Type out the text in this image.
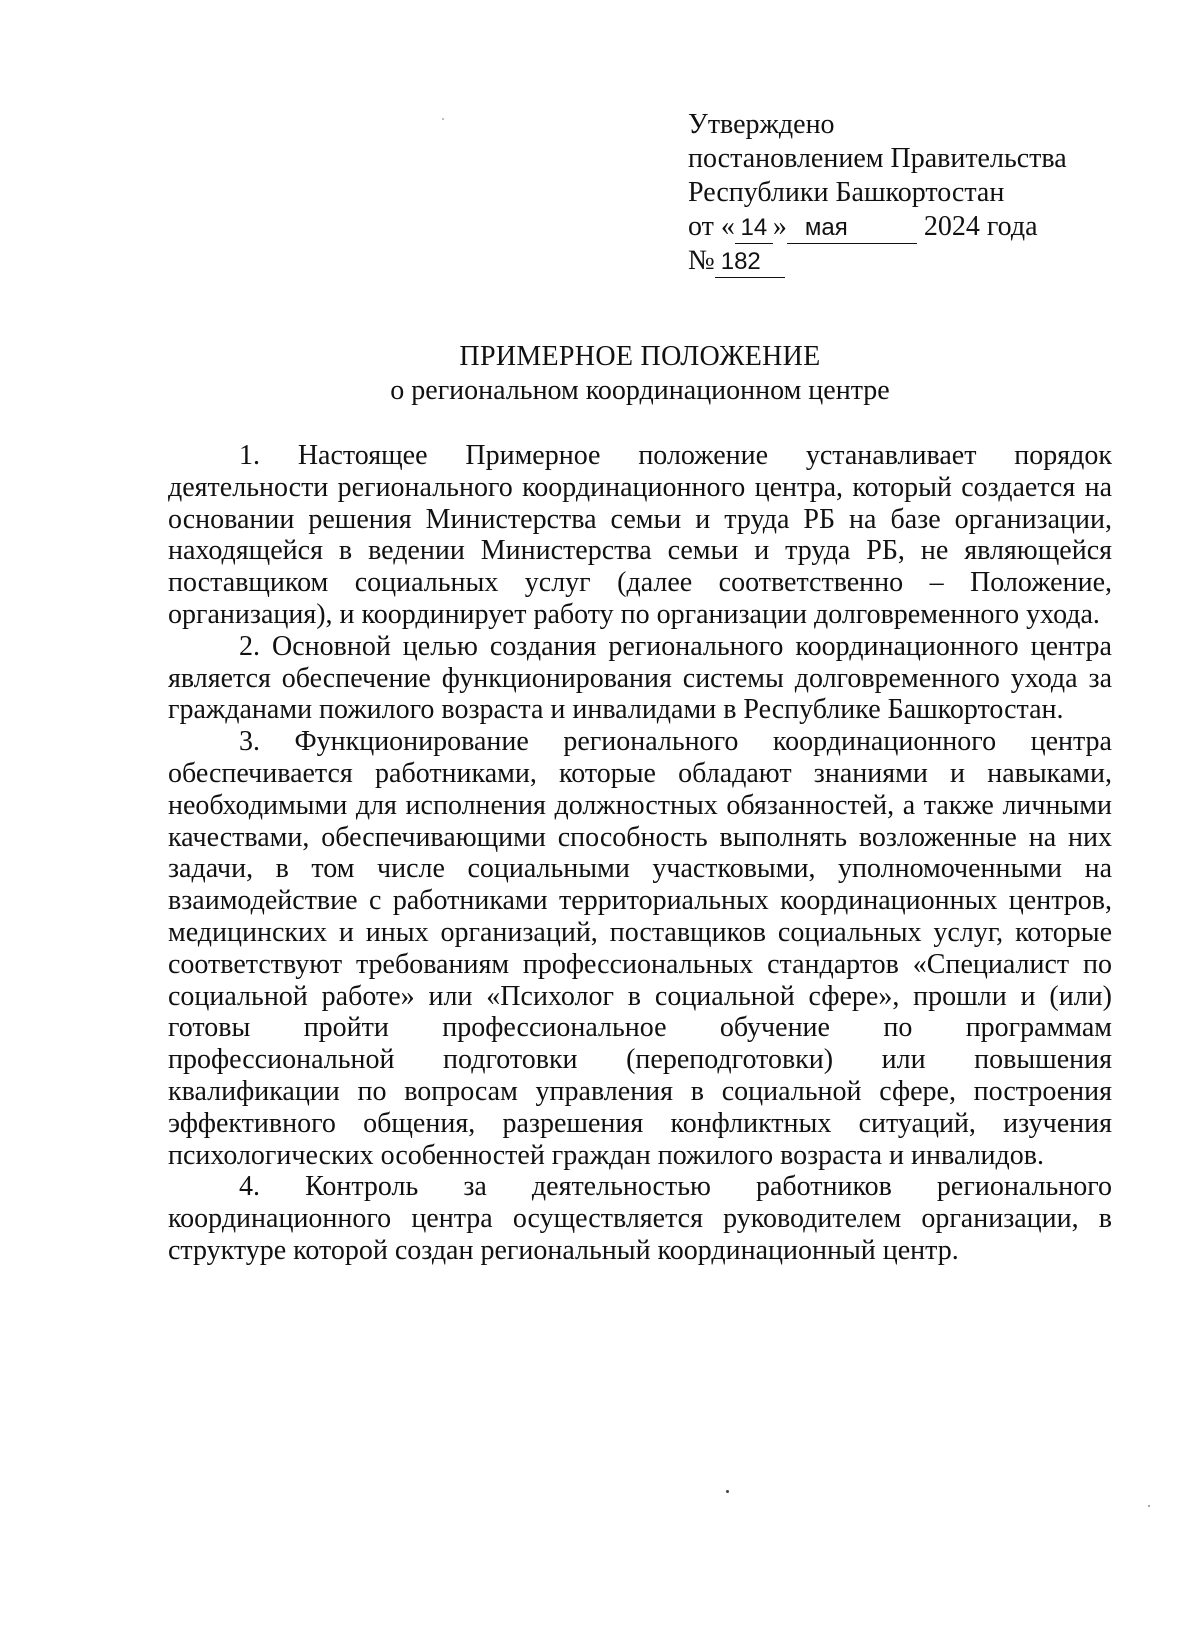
Утверждено
постановлением Правительства
Республики Башкортостан
от « 14 » мая	2024 года
№ 182
ПРИМЕРНОЕ ПОЛОЖЕНИЕ
о региональном координационном центре

1. Настоящее Примерное положение устанавливает порядок деятельности регионального координационного центра, который создается на основании решения Министерства семьи и труда РБ на базе организации, находящейся в ведении Министерства семьи и труда РБ, не являющейся поставщиком социальных услуг (далее соответственно – Положение, организация), и координирует работу по организации долговременного ухода.

2. Основной целью создания регионального координационного центра является обеспечение функционирования системы долговременного ухода за гражданами пожилого возраста и инвалидами в Республике Башкортостан.

3. Функционирование регионального координационного центра обеспечивается работниками, которые обладают знаниями и навыками, необходимыми для исполнения должностных обязанностей, а также личными качествами, обеспечивающими способность выполнять возложенные на них задачи, в том числе социальными участковыми, уполномоченными на взаимодействие с работниками территориальных координационных центров, медицинских и иных организаций, поставщиков социальных услуг, которые соответствуют требованиям профессиональных стандартов «Специалист по социальной работе» или «Психолог в социальной сфере», прошли и (или) готовы пройти профессиональное обучение по программам профессиональной подготовки (переподготовки) или повышения квалификации по вопросам управления в социальной сфере, построения эффективного общения, разрешения конфликтных ситуаций, изучения психологических особенностей граждан пожилого возраста и инвалидов.

4. Контроль за деятельностью работников регионального координационного центра осуществляется руководителем организации, в структуре которой создан региональный координационный центр.
